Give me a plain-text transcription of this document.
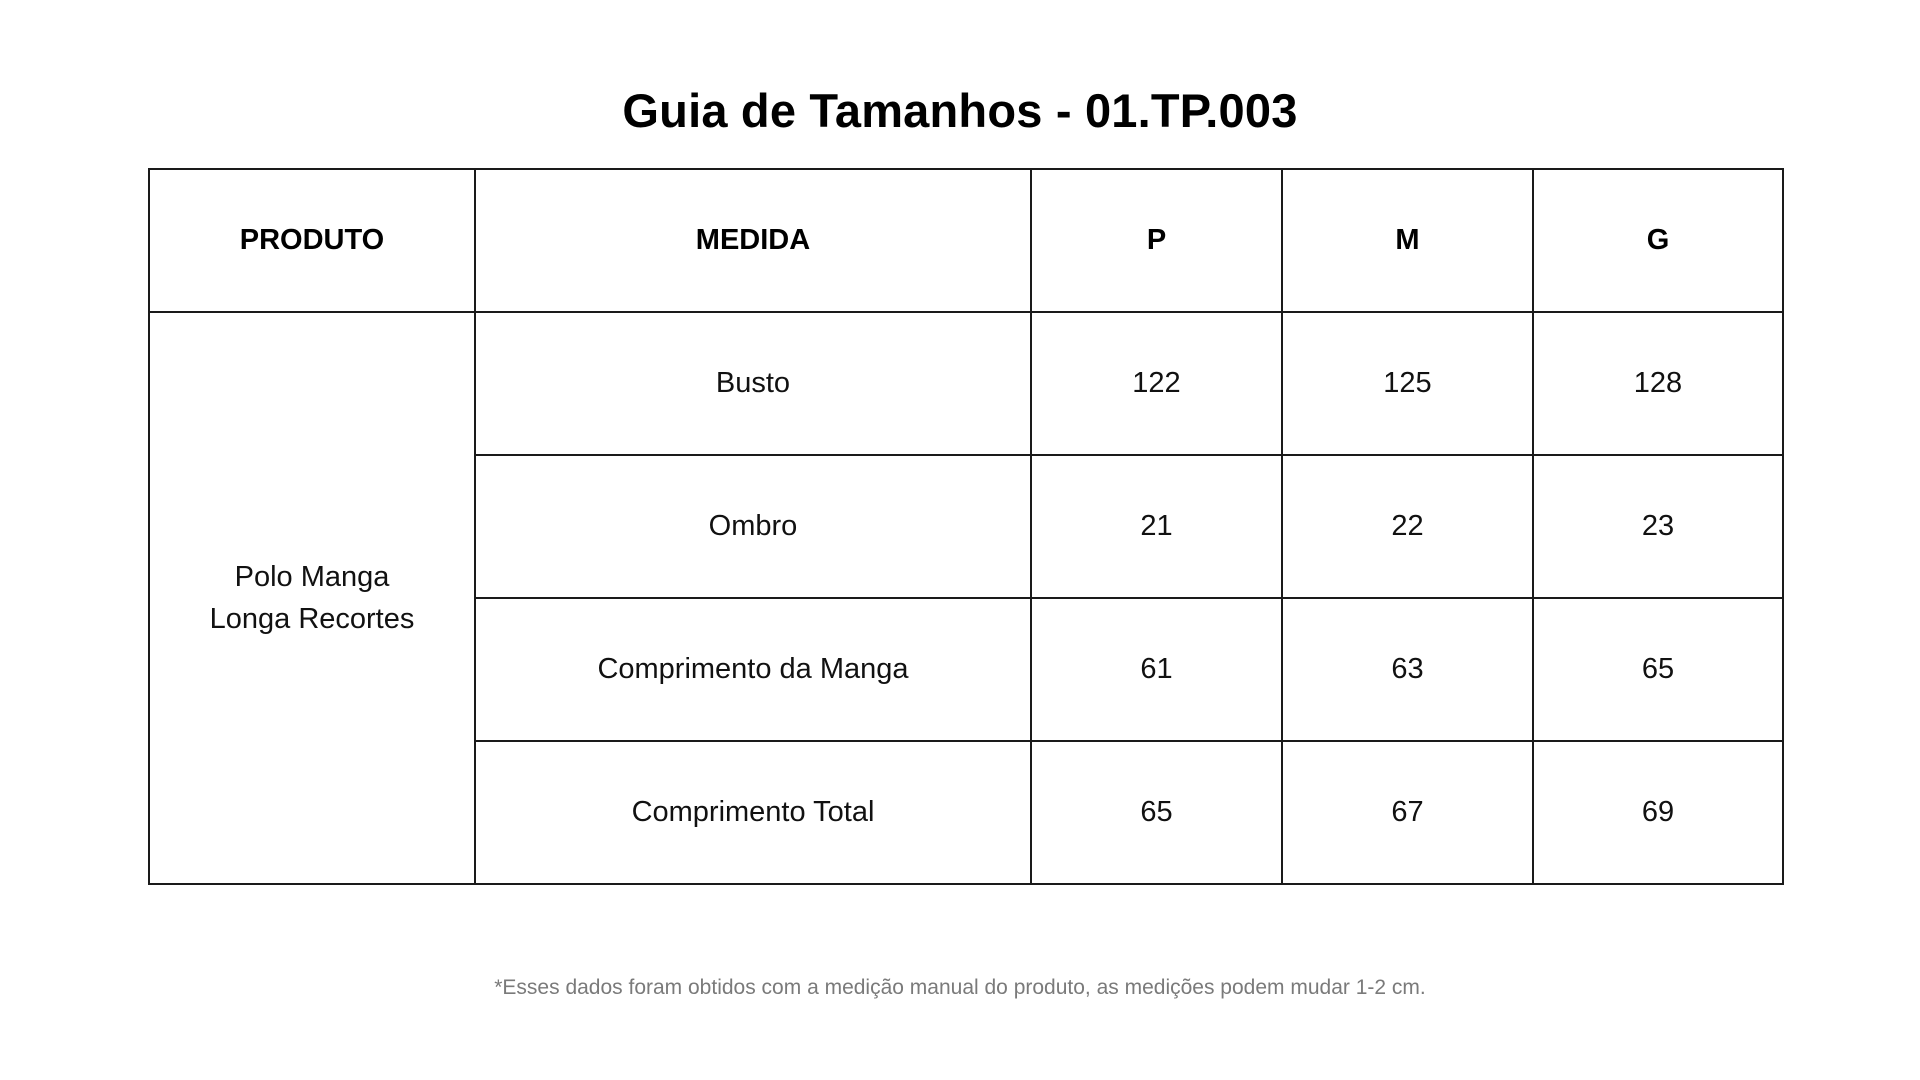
Guia de Tamanhos - 01.TP.003
PRODUTO	MEDIDA	P	M	G

Polo Manga
Longa Recortes	Busto	122	125	128
	Ombro	21	22	23
	Comprimento da Manga	61	63	65
	Comprimento Total	65	67	69

*Esses dados foram obtidos com a medição manual do produto, as medições podem mudar 1-2 cm.
